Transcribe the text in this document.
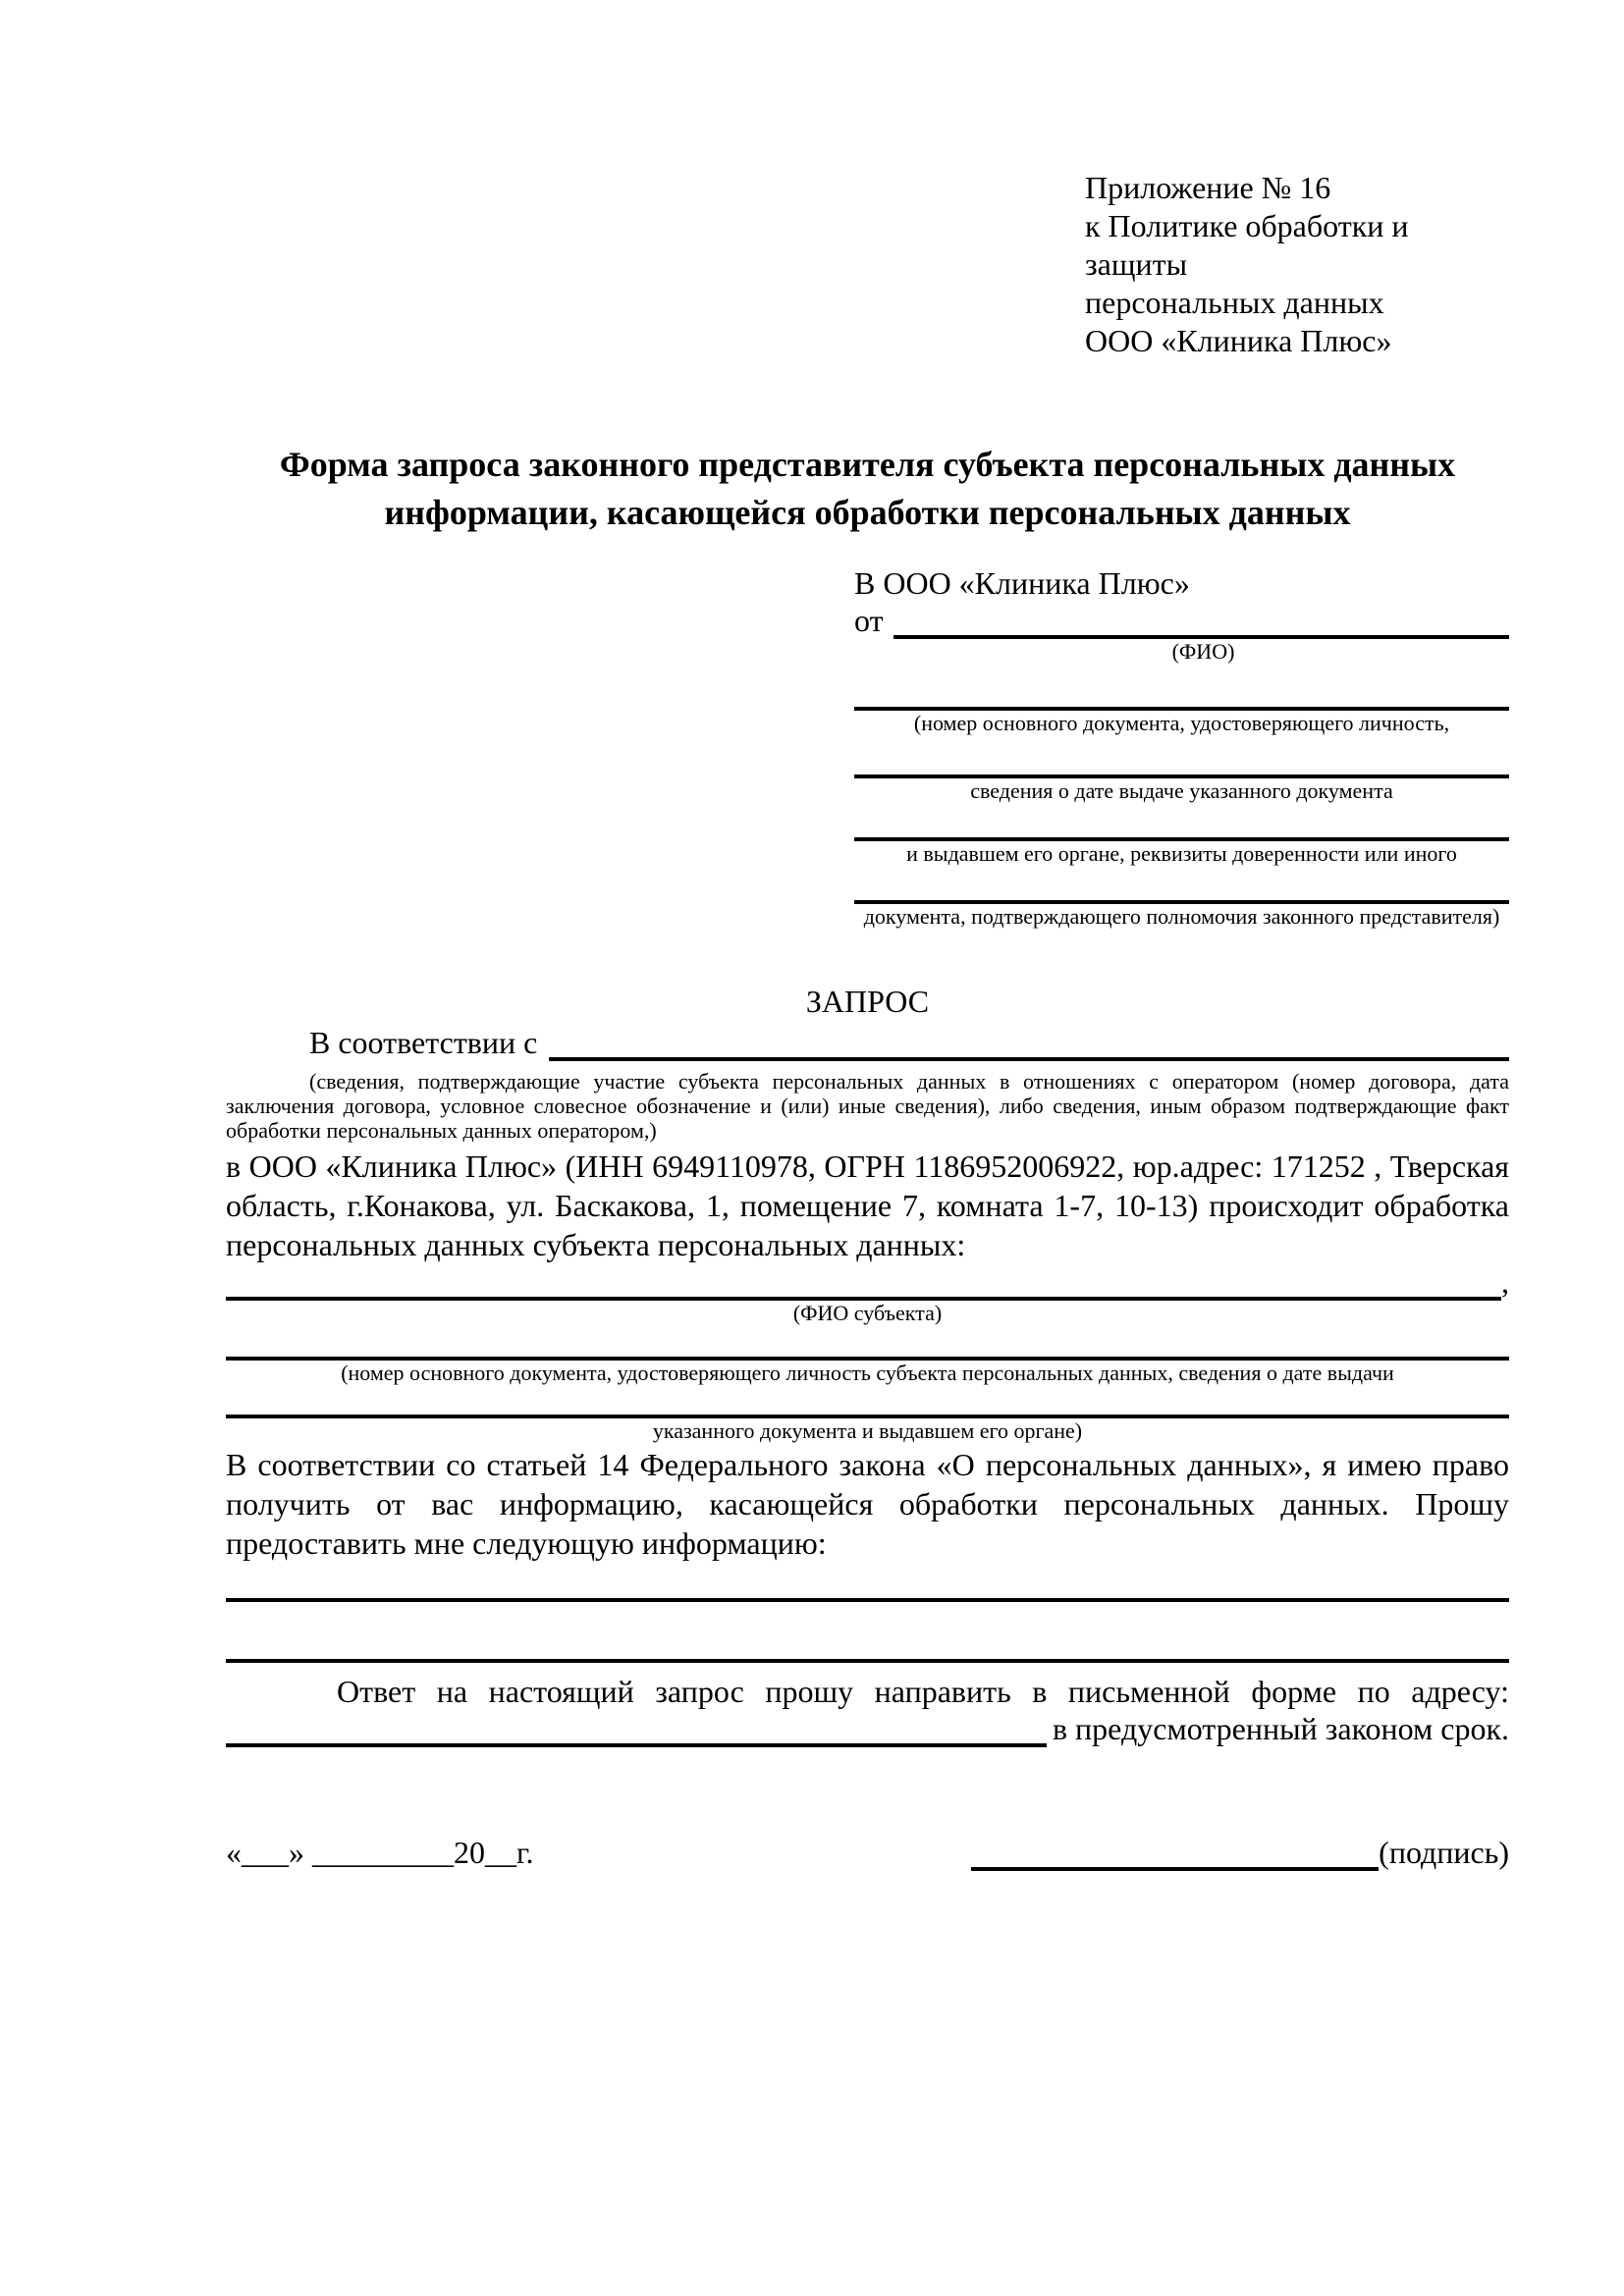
Приложение № 16
к Политике обработки и защиты
персональных данных
ООО «Клиника Плюс»
Форма запроса законного представителя субъекта персональных данных
информации, касающейся обработки персональных данных
В ООО «Клиника Плюс»
от
(ФИО)
(номер основного документа, удостоверяющего личность,
сведения о дате выдаче указанного документа
и выдавшем его органе, реквизиты доверенности или иного
документа, подтверждающего полномочия законного представителя)
ЗАПРОС
В соответствии с
(сведения, подтверждающие участие субъекта персональных данных в отношениях с оператором (номер договора, дата заключения договора, условное словесное обозначение и (или) иные сведения), либо сведения, иным образом подтверждающие факт обработки персональных данных оператором,)
в ООО «Клиника Плюс» (ИНН 6949110978, ОГРН 1186952006922, юр.адрес: 171252 , Тверская область, г.Конакова, ул. Баскакова, 1, помещение 7, комната 1-7, 10-13) происходит обработка персональных данных субъекта персональных данных:
,
(ФИО субъекта)
(номер основного документа, удостоверяющего личность субъекта персональных данных, сведения о дате выдачи
указанного документа и выдавшем его органе)
В соответствии со статьей 14 Федерального закона «О персональных данных», я имею право получить от вас информацию, касающейся обработки персональных данных. Прошу предоставить мне следующую информацию:
Ответ на настоящий запрос прошу направить в письменной форме по адресу:
в предусмотренный законом срок.
«___» _________20__г.	(подпись)
